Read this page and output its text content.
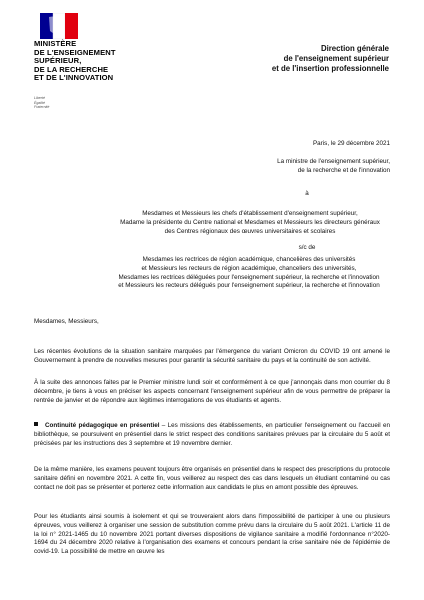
MINISTÈRE
DE L'ENSEIGNEMENT
SUPÉRIEUR,
DE LA RECHERCHE
ET DE L'INNOVATION
Liberté
Égalité
Fraternité
Direction générale
de l'enseignement supérieur
et de l'insertion professionnelle
Paris, le 29 décembre 2021
La ministre de l'enseignement supérieur,
de la recherche et de l'innovation
à
Mesdames et Messieurs les chefs d'établissement d'enseignement supérieur,
Madame la présidente du Centre national et Mesdames et Messieurs les directeurs généraux
des Centres régionaux des œuvres universitaires et scolaires
s/c de
Mesdames les rectrices de région académique, chancelières des universités
et Messieurs les recteurs de région académique, chanceliers des universités,
Mesdames les rectrices déléguées pour l'enseignement supérieur, la recherche et l'innovation
et Messieurs les recteurs délégués pour l'enseignement supérieur, la recherche et l'innovation
Mesdames, Messieurs,
Les récentes évolutions de la situation sanitaire marquées par l'émergence du variant Omicron du COVID 19 ont amené le Gouvernement à prendre de nouvelles mesures pour garantir la sécurité sanitaire du pays et la continuité de son activité.
À la suite des annonces faites par le Premier ministre lundi soir et conformément à ce que j'annonçais dans mon courrier du 8 décembre, je tiens à vous en préciser les aspects concernant l'enseignement supérieur afin de vous permettre de préparer la rentrée de janvier et de répondre aux légitimes interrogations de vos étudiants et agents.
Continuité pédagogique en présentiel – Les missions des établissements, en particulier l'enseignement ou l'accueil en bibliothèque, se poursuivent en présentiel dans le strict respect des conditions sanitaires prévues par la circulaire du 5 août et précisées par les instructions des 3 septembre et 19 novembre dernier.
De la même manière, les examens peuvent toujours être organisés en présentiel dans le respect des prescriptions du protocole sanitaire défini en novembre 2021. A cette fin, vous veillerez au respect des cas dans lesquels un étudiant contaminé ou cas contact ne doit pas se présenter et porterez cette information aux candidats le plus en amont possible des épreuves.
Pour les étudiants ainsi soumis à isolement et qui se trouveraient alors dans l'impossibilité de participer à une ou plusieurs épreuves, vous veillerez à organiser une session de substitution comme prévu dans la circulaire du 5 août 2021. L'article 11 de la loi n° 2021-1465 du 10 novembre 2021 portant diverses dispositions de vigilance sanitaire a modifié l'ordonnance n°2020-1694 du 24 décembre 2020 relative à l'organisation des examens et concours pendant la crise sanitaire née de l'épidémie de covid-19. La possibilité de mettre en œuvre les
